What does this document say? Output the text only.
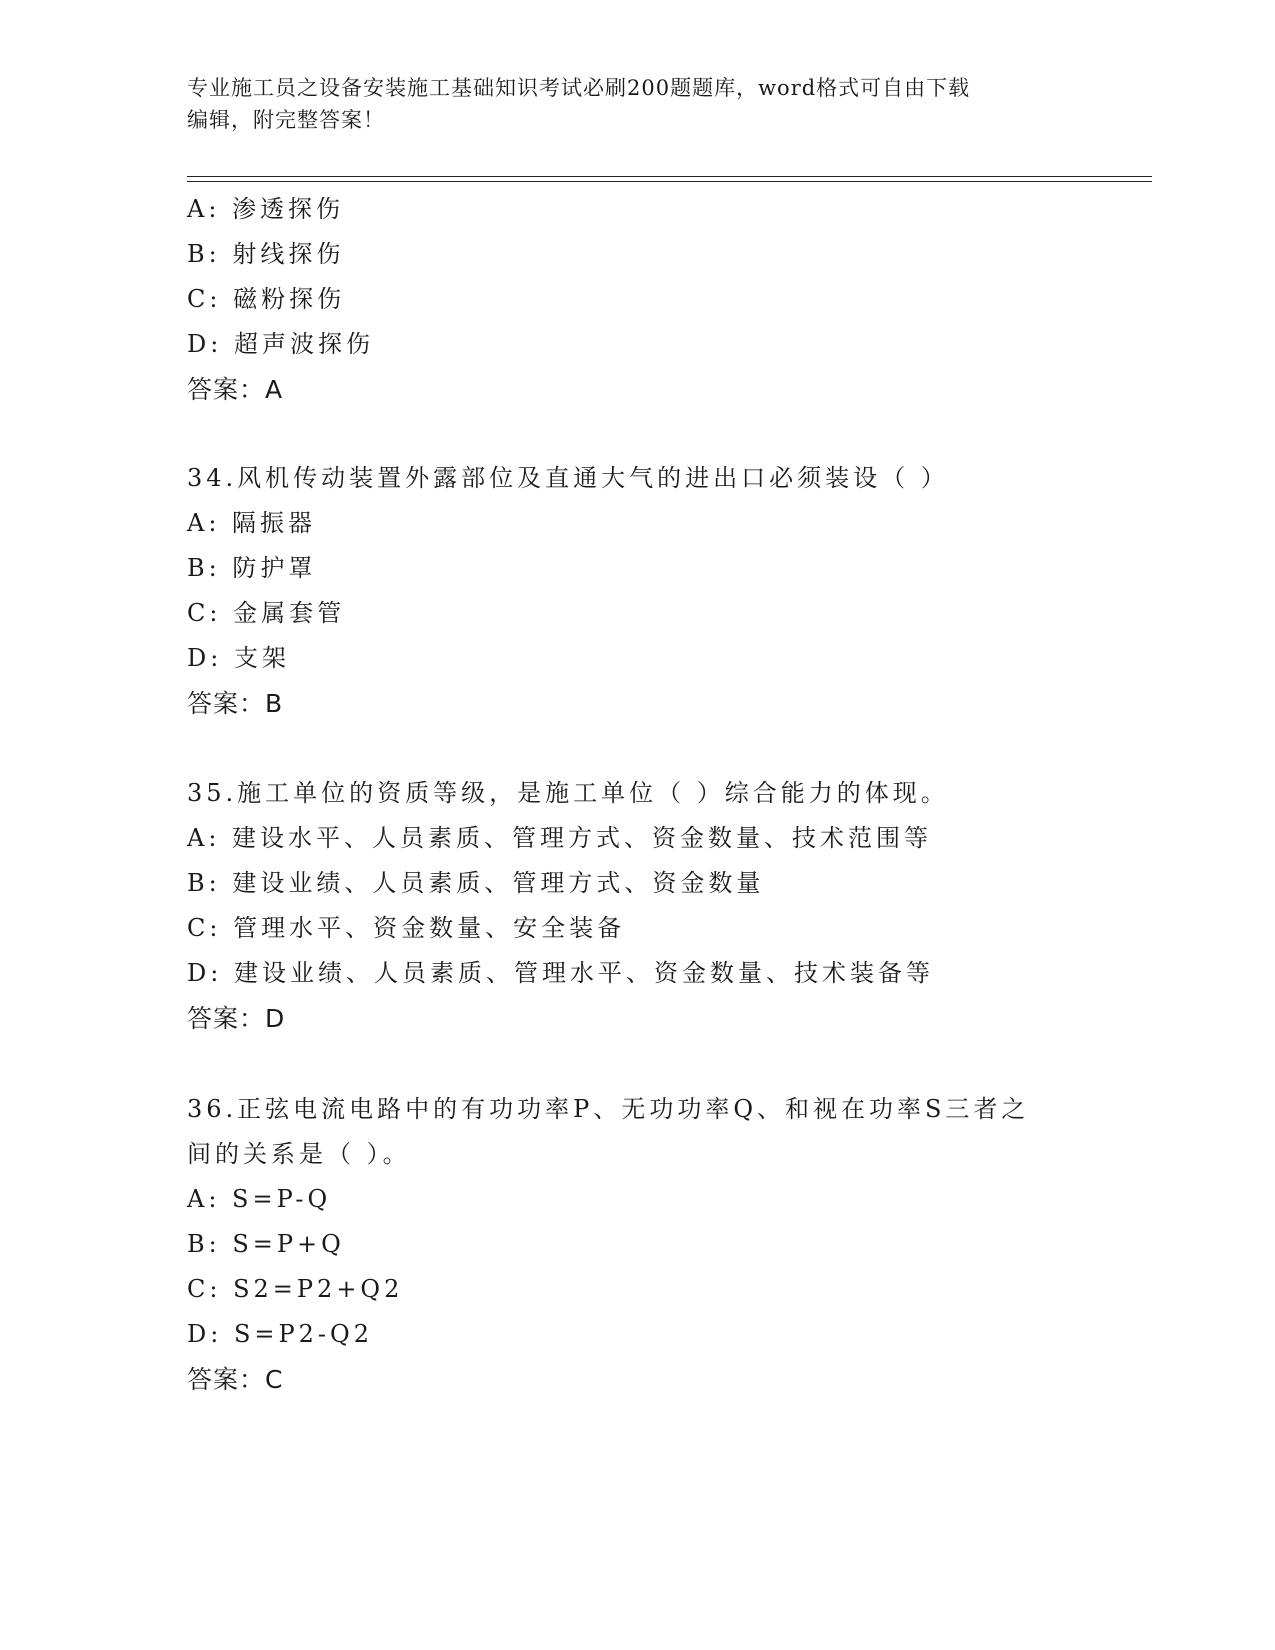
专业施工员之设备安装施工基础知识考试必刷200题题库，word格式可自由下载
编辑，附完整答案！
A: 渗透探伤
B: 射线探伤
C: 磁粉探伤
D: 超声波探伤
答案：A
34.风机传动装置外露部位及直通大气的进出口必须装设（ ）
A: 隔振器
B: 防护罩
C: 金属套管
D: 支架
答案：B
35.施工单位的资质等级，是施工单位（ ）综合能力的体现。
A: 建设水平、人员素质、管理方式、资金数量、技术范围等
B: 建设业绩、人员素质、管理方式、资金数量
C: 管理水平、资金数量、安全装备
D: 建设业绩、人员素质、管理水平、资金数量、技术装备等
答案：D
36.正弦电流电路中的有功功率P、无功功率Q、和视在功率S三者之
间的关系是（ ）。
A: S=P-Q
B: S=P+Q
C: S2=P2+Q2
D: S=P2-Q2
答案：C
